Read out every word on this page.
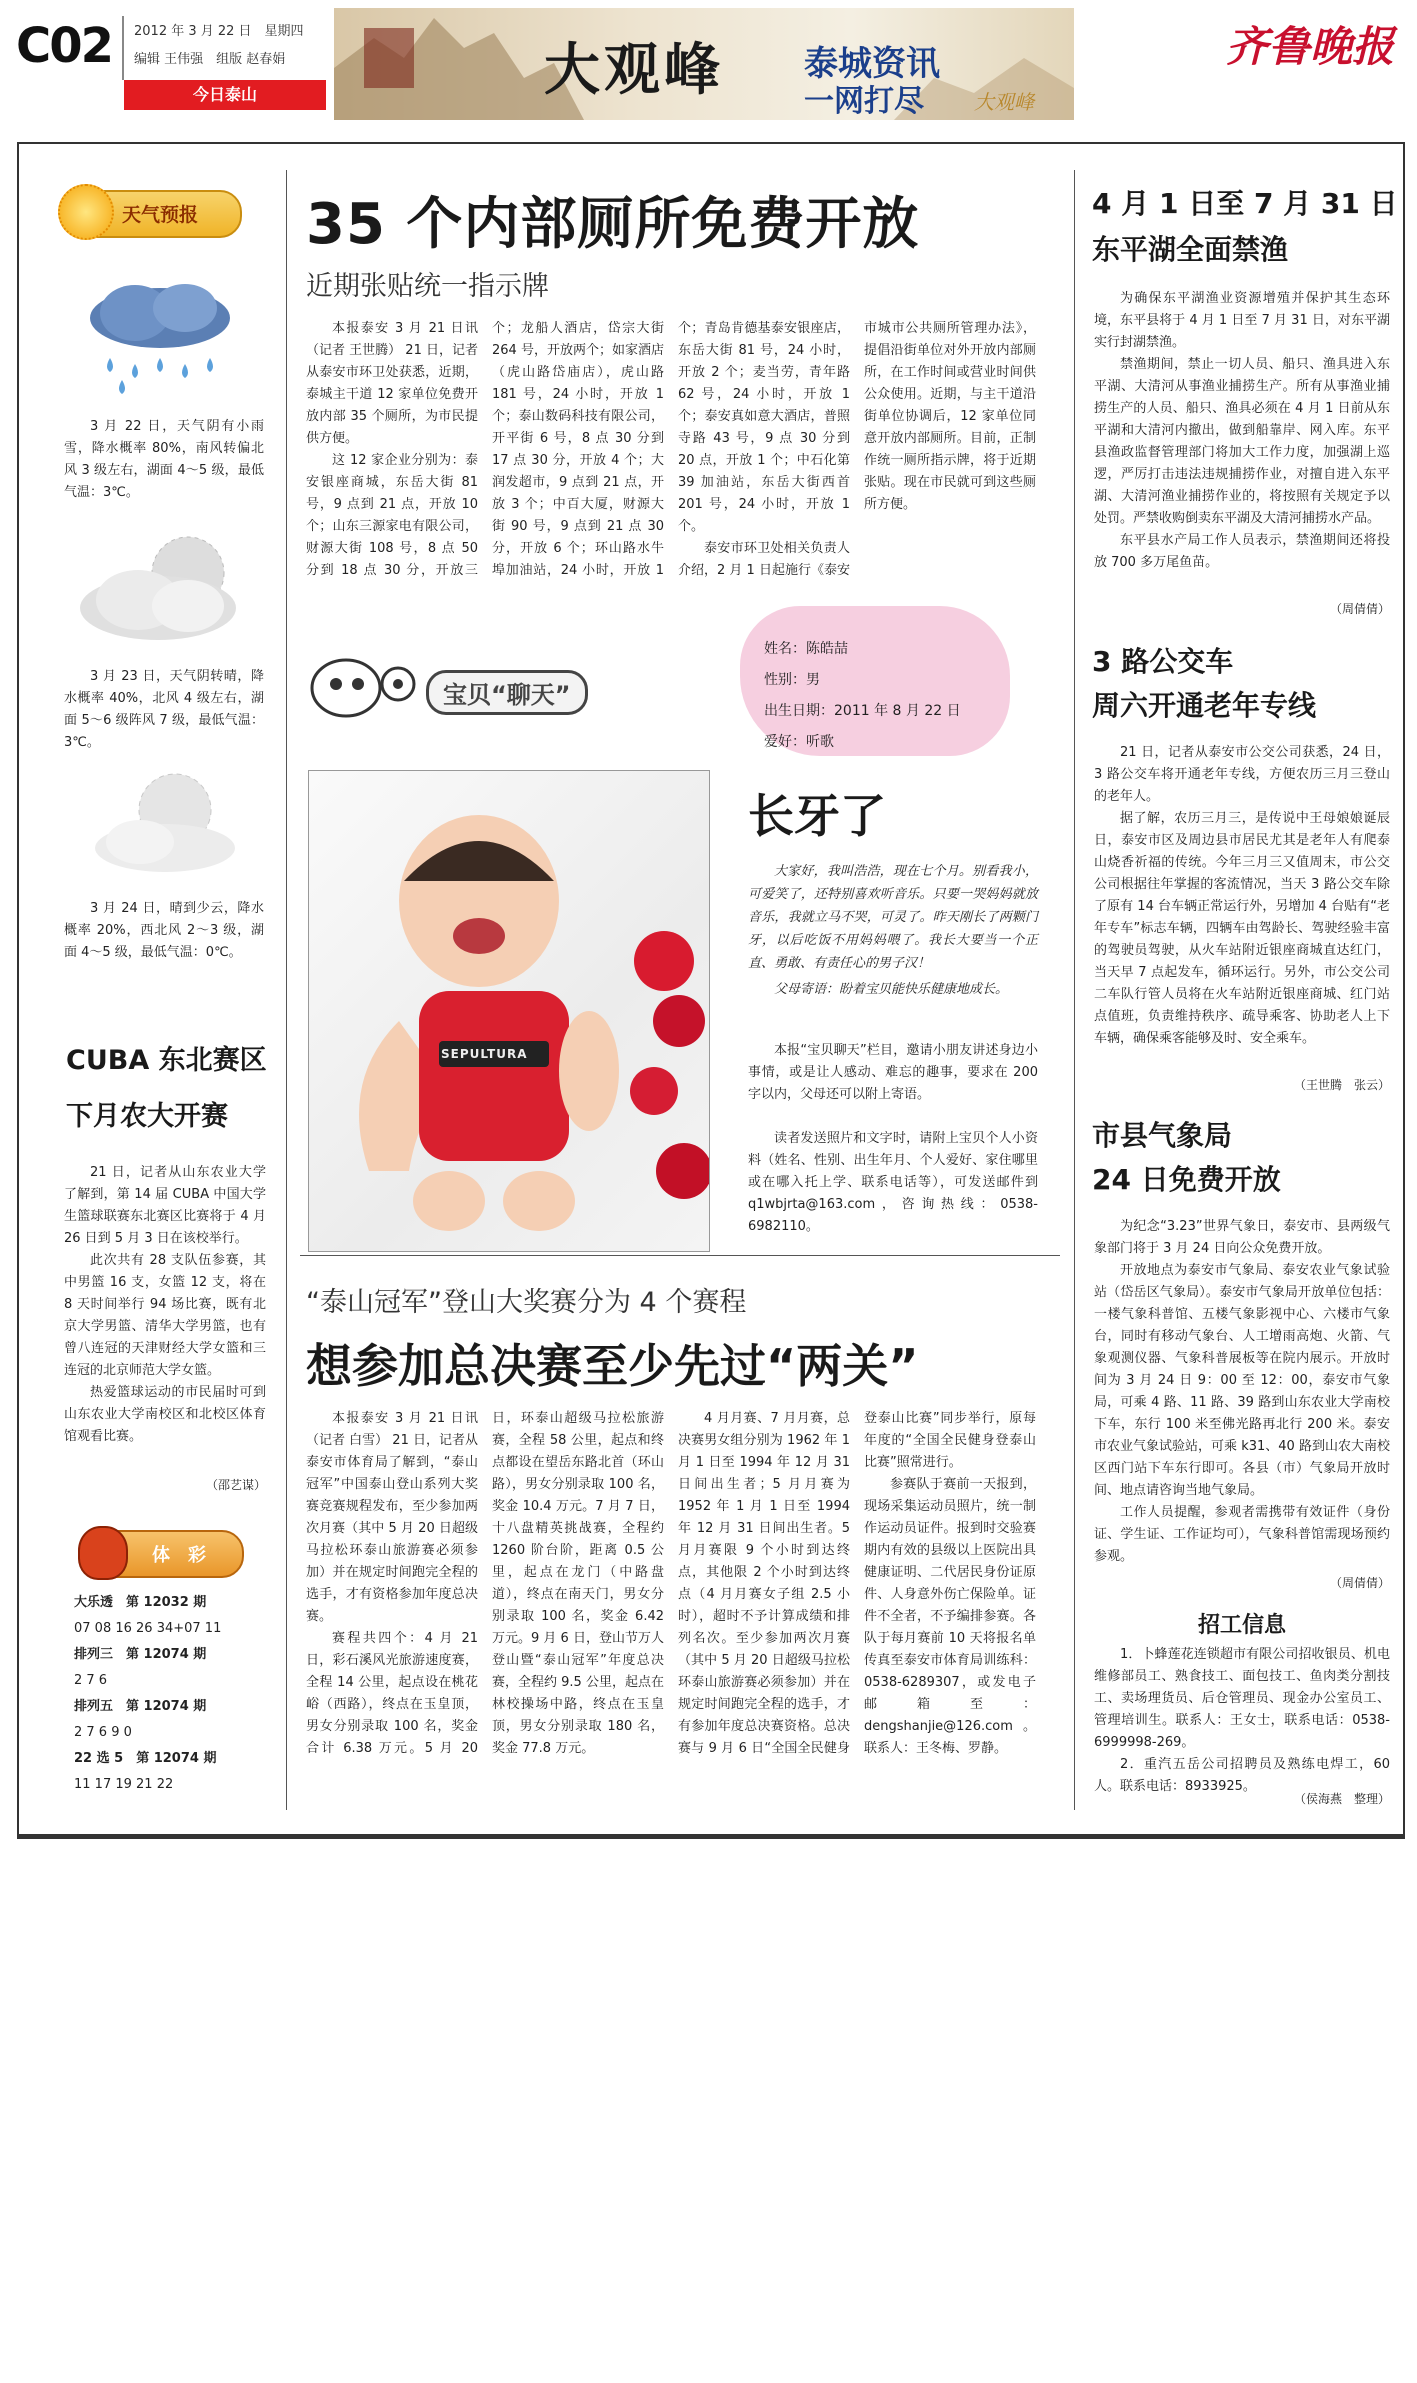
C02 2012 年 3 月 22 日　星期四
编辑 王伟强　组版 赵春娟
今日泰山	大观峰 泰城资讯
一网打尽	大观峰
齐鲁晚报
天气预报
3 月 22 日，天气阴有小雨雪，降水概率 80%，南风转偏北风 3 级左右，湖面 4～5 级，最低气温：3℃。
3 月 23 日，天气阴转晴，降水概率 40%，北风 4 级左右，湖面 5～6 级阵风 7 级，最低气温：3℃。
3 月 24 日，晴到少云，降水概率 20%，西北风 2～3 级，湖面 4～5 级，最低气温：0℃。
CUBA 东北赛区
下月农大开赛

21 日，记者从山东农业大学了解到，第 14 届 CUBA 中国大学生篮球联赛东北赛区比赛将于 4 月 26 日到 5 月 3 日在该校举行。

此次共有 28 支队伍参赛，其中男篮 16 支，女篮 12 支，将在 8 天时间举行 94 场比赛，既有北京大学男篮、清华大学男篮，也有曾八连冠的天津财经大学女篮和三连冠的北京师范大学女篮。

热爱篮球运动的市民届时可到山东农业大学南校区和北校区体育馆观看比赛。

（邵艺谋）
体　彩
大乐透　第 12032 期
07 08 16 26 34+07 11
排列三　第 12074 期
2 7 6
排列五　第 12074 期
2 7 6 9 0
22 选 5　第 12074 期
11 17 19 21 22
35 个内部厕所免费开放
近期张贴统一指示牌

本报泰安 3 月 21 日讯（记者 王世腾） 21 日，记者从泰安市环卫处获悉，近期，泰城主干道 12 家单位免费开放内部 35 个厕所，为市民提供方便。

这 12 家企业分别为：泰安银座商城，东岳大街 81 号，9 点到 21 点，开放 10 个；山东三源家电有限公司，财源大街 108 号，8 点 50 分到 18 点 30 分，开放三个；龙船人酒店，岱宗大街 264 号，开放两个；如家酒店（虎山路岱庙店），虎山路 181 号，24 小时，开放 1 个；泰山数码科技有限公司，开平街 6 号，8 点 30 分到 17 点 30 分，开放 4 个；大润发超市，9 点到 21 点，开放 3 个；中百大厦，财源大街 90 号，9 点到 21 点 30 分，开放 6 个；环山路水牛埠加油站，24 小时，开放 1 个；青岛肯德基泰安银座店，东岳大街 81 号，24 小时，开放 2 个；麦当劳，青年路 62 号，24 小时，开放 1 个；泰安真如意大酒店，普照寺路 43 号，9 点 30 分到 20 点，开放 1 个；中石化第 39 加油站，东岳大街西首 201 号，24 小时，开放 1 个。

泰安市环卫处相关负责人介绍，2 月 1 日起施行《泰安市城市公共厕所管理办法》，提倡沿街单位对外开放内部厕所，在工作时间或营业时间供公众使用。近期，与主干道沿街单位协调后，12 家单位同意开放内部厕所。目前，正制作统一厕所指示牌，将于近期张贴。现在市民就可到这些厕所方便。

宝贝“聊天”
姓名：陈皓喆
性别：男
出生日期：2011 年 8 月 22 日
爱好：听歌
SEPULTURA
长牙了
大家好，我叫浩浩，现在七个月。别看我小，可爱笑了，还特别喜欢听音乐。只要一哭妈妈就放音乐，我就立马不哭，可灵了。昨天刚长了两颗门牙，以后吃饭不用妈妈喂了。我长大要当一个正直、勇敢、有责任心的男子汉！
父母寄语：盼着宝贝能快乐健康地成长。
本报“宝贝聊天”栏目，邀请小朋友讲述身边小事情，或是让人感动、难忘的趣事，要求在 200 字以内，父母还可以附上寄语。
读者发送照片和文字时，请附上宝贝个人小资料（姓名、性别、出生年月、个人爱好、家住哪里或在哪入托上学、联系电话等），可发送邮件到 q1wbjrta@163.com，咨询热线：0538-6982110。
“泰山冠军”登山大奖赛分为 4 个赛程
想参加总决赛至少先过“两关”

本报泰安 3 月 21 日讯（记者 白雪） 21 日，记者从泰安市体育局了解到，“泰山冠军”中国泰山登山系列大奖赛竞赛规程发布，至少参加两次月赛（其中 5 月 20 日超级马拉松环泰山旅游赛必须参加）并在规定时间跑完全程的选手，才有资格参加年度总决赛。

赛程共四个：4 月 21 日，彩石溪风光旅游速度赛，全程 14 公里，起点设在桃花峪（西路），终点在玉皇顶，男女分别录取 100 名，奖金合计 6.38 万元。5 月 20 日，环泰山超级马拉松旅游赛，全程 58 公里，起点和终点都设在望岳东路北首（环山路），男女分别录取 100 名，奖金 10.4 万元。7 月 7 日，十八盘精英挑战赛，全程约 1260 阶台阶，距离 0.5 公里，起点在龙门（中路盘道），终点在南天门，男女分别录取 100 名，奖金 6.42 万元。9 月 6 日，登山节万人登山暨“泰山冠军”年度总决赛，全程约 9.5 公里，起点在林校操场中路，终点在玉皇顶，男女分别录取 180 名，奖金 77.8 万元。

4 月月赛、7 月月赛，总决赛男女组分别为 1962 年 1 月 1 日至 1994 年 12 月 31 日间出生者；5 月月赛为 1952 年 1 月 1 日至 1994 年 12 月 31 日间出生者。5 月月赛限 9 个小时到达终点，其他限 2 个小时到达终点（4 月月赛女子组 2.5 小时），超时不予计算成绩和排列名次。至少参加两次月赛（其中 5 月 20 日超级马拉松环泰山旅游赛必须参加）并在规定时间跑完全程的选手，才有参加年度总决赛资格。总决赛与 9 月 6 日“全国全民健身登泰山比赛”同步举行，原每年度的“全国全民健身登泰山比赛”照常进行。

参赛队于赛前一天报到，现场采集运动员照片，统一制作运动员证件。报到时交验赛期内有效的县级以上医院出具健康证明、二代居民身份证原件、人身意外伤亡保险单。证件不全者，不予编排参赛。各队于每月赛前 10 天将报名单传真至泰安市体育局训练科：0538-6289307，或发电子邮箱至：dengshanjie@126.com。联系人：王冬梅、罗静。

4 月 1 日至 7 月 31 日
东平湖全面禁渔

为确保东平湖渔业资源增殖并保护其生态环境，东平县将于 4 月 1 日至 7 月 31 日，对东平湖实行封湖禁渔。

禁渔期间，禁止一切人员、船只、渔具进入东平湖、大清河从事渔业捕捞生产。所有从事渔业捕捞生产的人员、船只、渔具必须在 4 月 1 日前从东平湖和大清河内撤出，做到船靠岸、网入库。东平县渔政监督管理部门将加大工作力度，加强湖上巡逻，严厉打击违法违规捕捞作业，对擅自进入东平湖、大清河渔业捕捞作业的，将按照有关规定予以处罚。严禁收购倒卖东平湖及大清河捕捞水产品。

东平县水产局工作人员表示，禁渔期间还将投放 700 多万尾鱼苗。

（周倩倩）
3 路公交车
周六开通老年专线

21 日，记者从泰安市公交公司获悉，24 日，3 路公交车将开通老年专线，方便农历三月三登山的老年人。

据了解，农历三月三，是传说中王母娘娘诞辰日，泰安市区及周边县市居民尤其是老年人有爬泰山烧香祈福的传统。今年三月三又值周末，市公交公司根据往年掌握的客流情况，当天 3 路公交车除了原有 14 台车辆正常运行外，另增加 4 台贴有“老年专车”标志车辆，四辆车由驾龄长、驾驶经验丰富的驾驶员驾驶，从火车站附近银座商城直达红门，当天早 7 点起发车，循环运行。另外，市公交公司二车队行管人员将在火车站附近银座商城、红门站点值班，负责维持秩序、疏导乘客、协助老人上下车辆，确保乘客能够及时、安全乘车。

（王世腾　张云）
市县气象局
24 日免费开放

为纪念“3.23”世界气象日，泰安市、县两级气象部门将于 3 月 24 日向公众免费开放。

开放地点为泰安市气象局、泰安农业气象试验站（岱岳区气象局）。泰安市气象局开放单位包括：一楼气象科普馆、五楼气象影视中心、六楼市气象台，同时有移动气象台、人工增雨高炮、火箭、气象观测仪器、气象科普展板等在院内展示。开放时间为 3 月 24 日 9：00 至 12：00，泰安市气象局，可乘 4 路、11 路、39 路到山东农业大学南校下车，东行 100 米至佛光路再北行 200 米。泰安市农业气象试验站，可乘 k31、40 路到山农大南校区西门站下车东行即可。各县（市）气象局开放时间、地点请咨询当地气象局。

工作人员提醒，参观者需携带有效证件（身份证、学生证、工作证均可），气象科普馆需现场预约参观。

（周倩倩）
招工信息

1．卜蜂莲花连锁超市有限公司招收银员、机电维修部员工、熟食技工、面包技工、鱼肉类分割技工、卖场理货员、后仓管理员、现金办公室员工、管理培训生。联系人：王女士，联系电话：0538-6999998-269。

2．重汽五岳公司招聘员及熟练电焊工，60 人。联系电话：8933925。

（侯海燕　整理）
